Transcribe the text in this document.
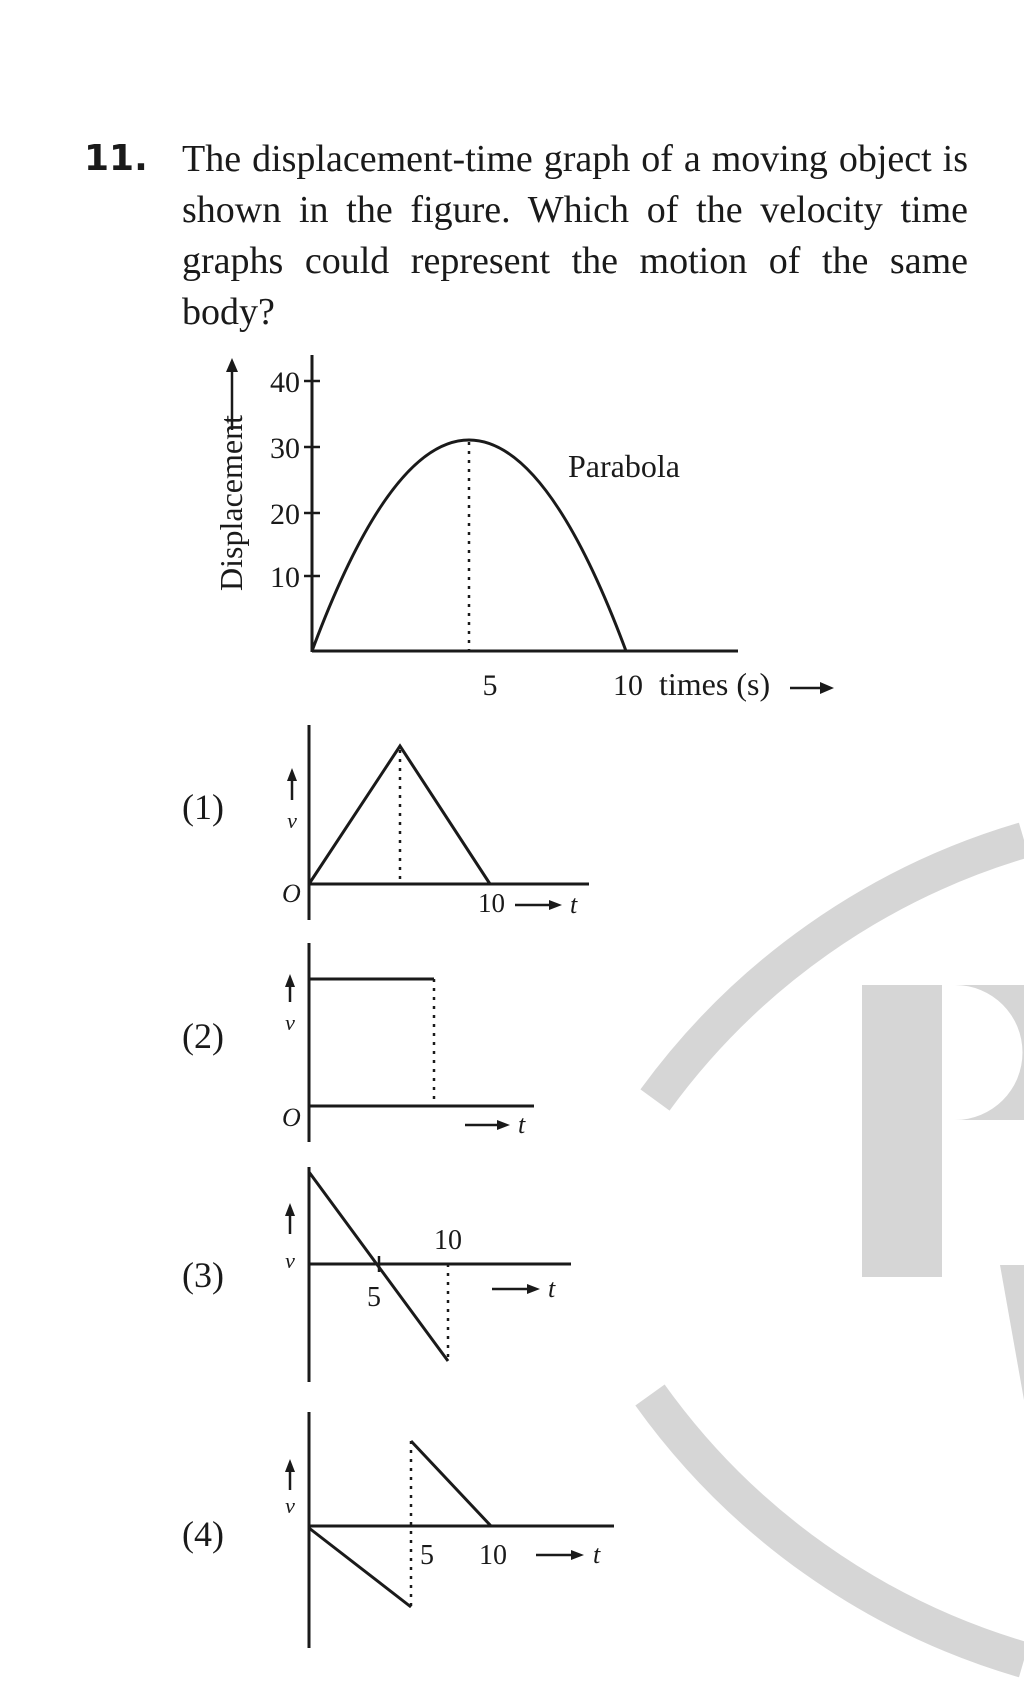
11. The displacement-time graph of a moving object is shown in the figure. Which of the velocity time graphs could represent the motion of the same body?
40
30
20
10
Displacement	Parabola
5	10 times (s)
(1)
(2)
(3)
(4)
v
O	10	t
v
O	t
v
10
5	t
v
5 10	t
